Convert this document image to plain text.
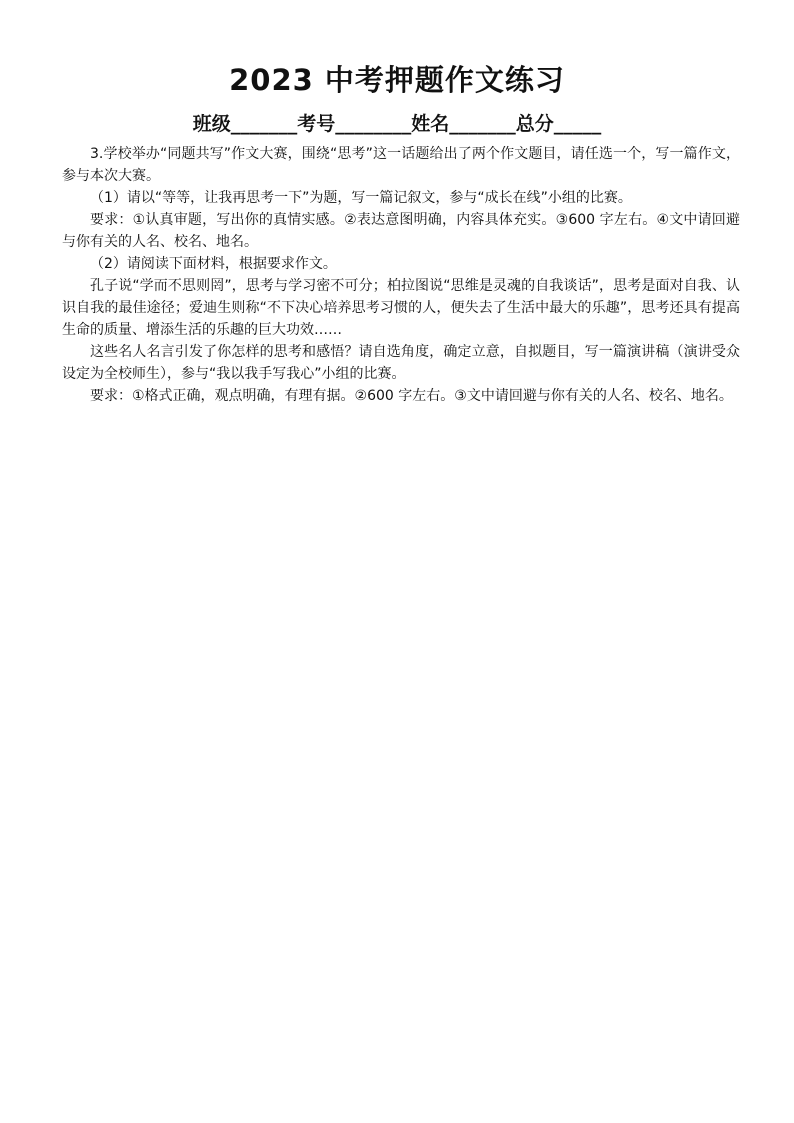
2023 中考押题作文练习
班级_______考号________姓名_______总分_____

3.学校举办“同题共写”作文大赛，围绕“思考”这一话题给出了两个作文题目，请任选一个，写一篇作文，参与本次大赛。

（1）请以“等等，让我再思考一下”为题，写一篇记叙文，参与“成长在线”小组的比赛。

要求：①认真审题，写出你的真情实感。②表达意图明确，内容具体充实。③600 字左右。④文中请回避与你有关的人名、校名、地名。

（2）请阅读下面材料，根据要求作文。

孔子说“学而不思则罔”，思考与学习密不可分；柏拉图说“思维是灵魂的自我谈话”，思考是面对自我、认识自我的最佳途径；爱迪生则称“不下决心培养思考习惯的人，便失去了生活中最大的乐趣”，思考还具有提高生命的质量、增添生活的乐趣的巨大功效……

这些名人名言引发了你怎样的思考和感悟？请自选角度，确定立意，自拟题目，写一篇演讲稿（演讲受众设定为全校师生），参与“我以我手写我心”小组的比赛。

要求：①格式正确，观点明确，有理有据。②600 字左右。③文中请回避与你有关的人名、校名、地名。
